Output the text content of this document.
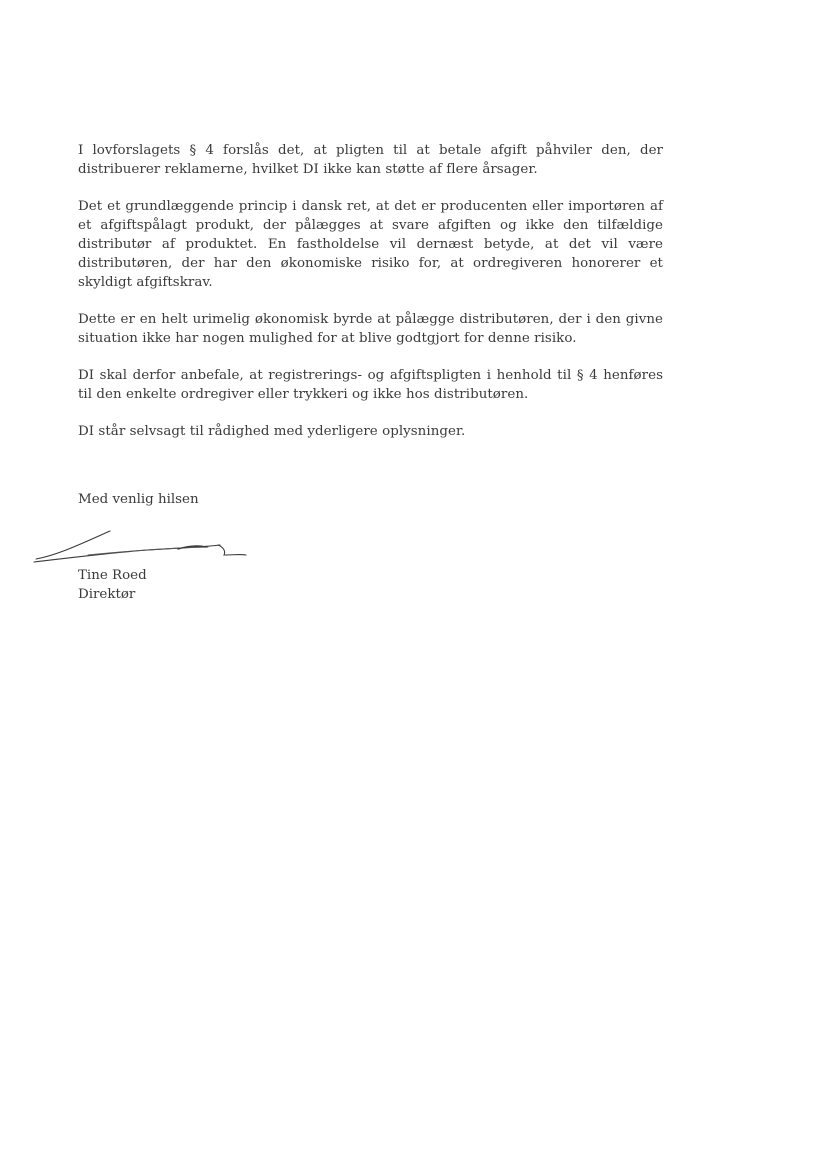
I lovforslagets § 4 forslås det, at pligten til at betale afgift påhviler den, der distribuerer reklamerne, hvilket DI ikke kan støtte af flere årsager.

Det et grundlæggende princip i dansk ret, at det er producenten eller importøren af et afgiftspålagt produkt, der pålægges at svare afgiften og ikke den tilfældige distributør af produktet. En fastholdelse vil dernæst betyde, at det vil være distributøren, der har den økonomiske risiko for, at ordregiveren honorerer et skyldigt afgiftskrav.

Dette er en helt urimelig økonomisk byrde at pålægge distributøren, der i den givne situation ikke har nogen mulighed for at blive godtgjort for denne risiko.

DI skal derfor anbefale, at registrerings- og afgiftspligten i henhold til § 4 henføres til den enkelte ordregiver eller trykkeri og ikke hos distributøren.

DI står selvsagt til rådighed med yderligere oplysninger.

Med venlig hilsen
Tine Roed
Direktør
